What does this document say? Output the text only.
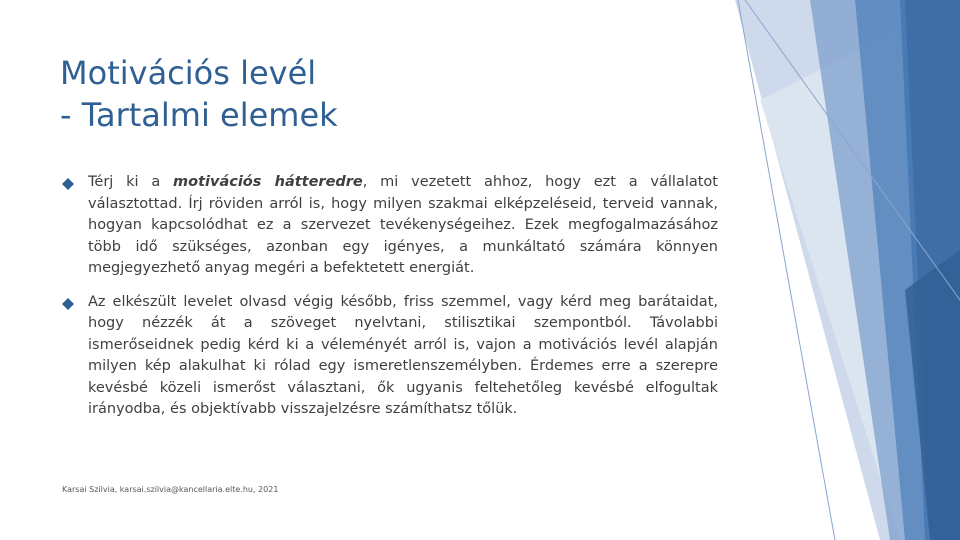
Motivációs levél
- Tartalmi elemek
Térj ki a motivációs hátteredre, mi vezetett ahhoz, hogy ezt a vállalatot választottad. Írj röviden arról is, hogy milyen szakmai elképzeléseid, terveid vannak, hogyan kapcsolódhat ez a szervezet tevékenységeihez. Ezek megfogalmazásához több idő szükséges, azonban egy igényes, a munkáltató számára könnyen megjegyezhető anyag megéri a befektetett energiát.
Az elkészült levelet olvasd végig később, friss szemmel, vagy kérd meg barátaidat, hogy nézzék át a szöveget nyelvtani, stilisztikai szempontból. Távolabbi ismerőseidnek pedig kérd ki a véleményét arról is, vajon a motivációs levél alapján milyen kép alakulhat ki rólad egy ismeretlenszemélyben. Érdemes erre a szerepre kevésbé közeli ismerőst választani, ők ugyanis feltehetőleg kevésbé elfogultak irányodba, és objektívabb visszajelzésre számíthatsz tőlük.
Karsai Szilvia, karsai.szilvia@kancellaria.elte.hu, 2021
